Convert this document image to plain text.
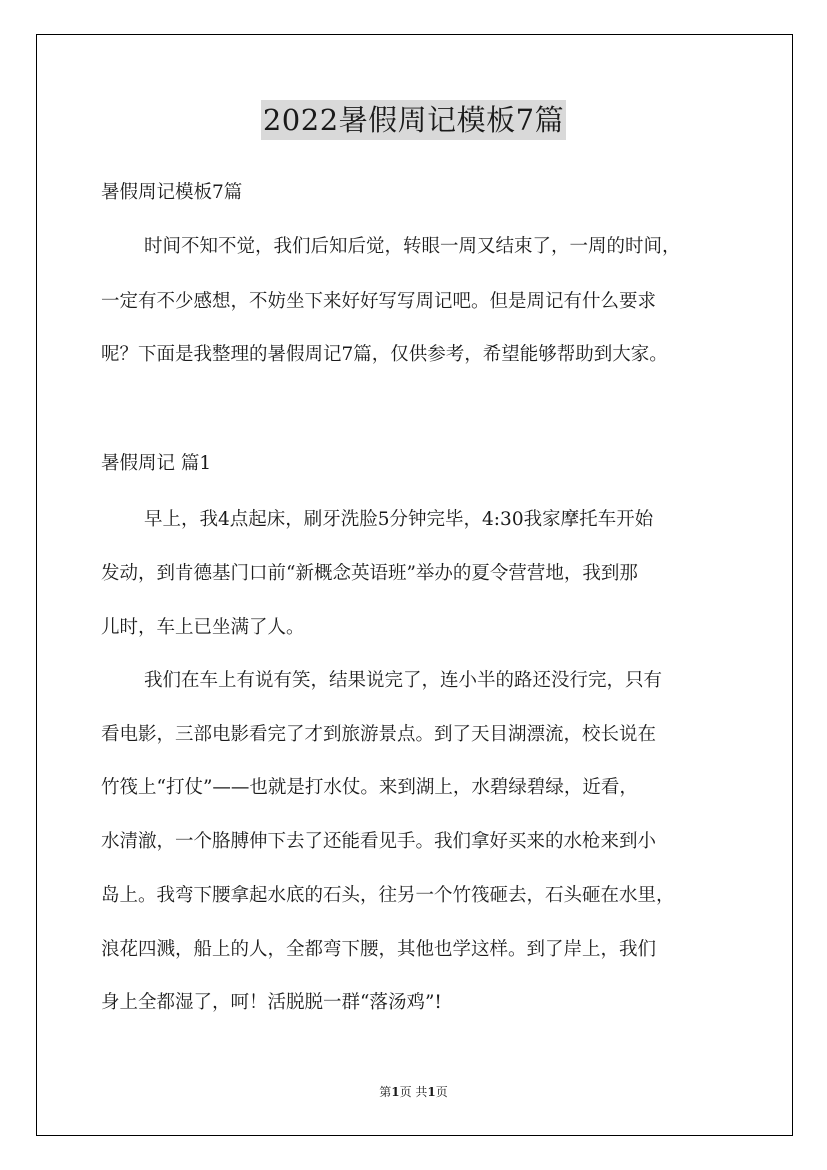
2022暑假周记模板7篇
暑假周记模板7篇
时间不知不觉，我们后知后觉，转眼一周又结束了，一周的时间，
一定有不少感想，不妨坐下来好好写写周记吧。但是周记有什么要求
呢？下面是我整理的暑假周记7篇，仅供参考，希望能够帮助到大家。
暑假周记 篇1
早上，我4点起床，刷牙洗脸5分钟完毕，4:30我家摩托车开始
发动，到肯德基门口前“新概念英语班”举办的夏令营营地，我到那
儿时，车上已坐满了人。
我们在车上有说有笑，结果说完了，连小半的路还没行完，只有
看电影，三部电影看完了才到旅游景点。到了天目湖漂流，校长说在
竹筏上“打仗”——也就是打水仗。来到湖上，水碧绿碧绿，近看，
水清澈，一个胳膊伸下去了还能看见手。我们拿好买来的水枪来到小
岛上。我弯下腰拿起水底的石头，往另一个竹筏砸去，石头砸在水里，
浪花四溅，船上的人，全都弯下腰，其他也学这样。到了岸上，我们
身上全都湿了，呵！活脱脱一群“落汤鸡”!
第1页 共1页
